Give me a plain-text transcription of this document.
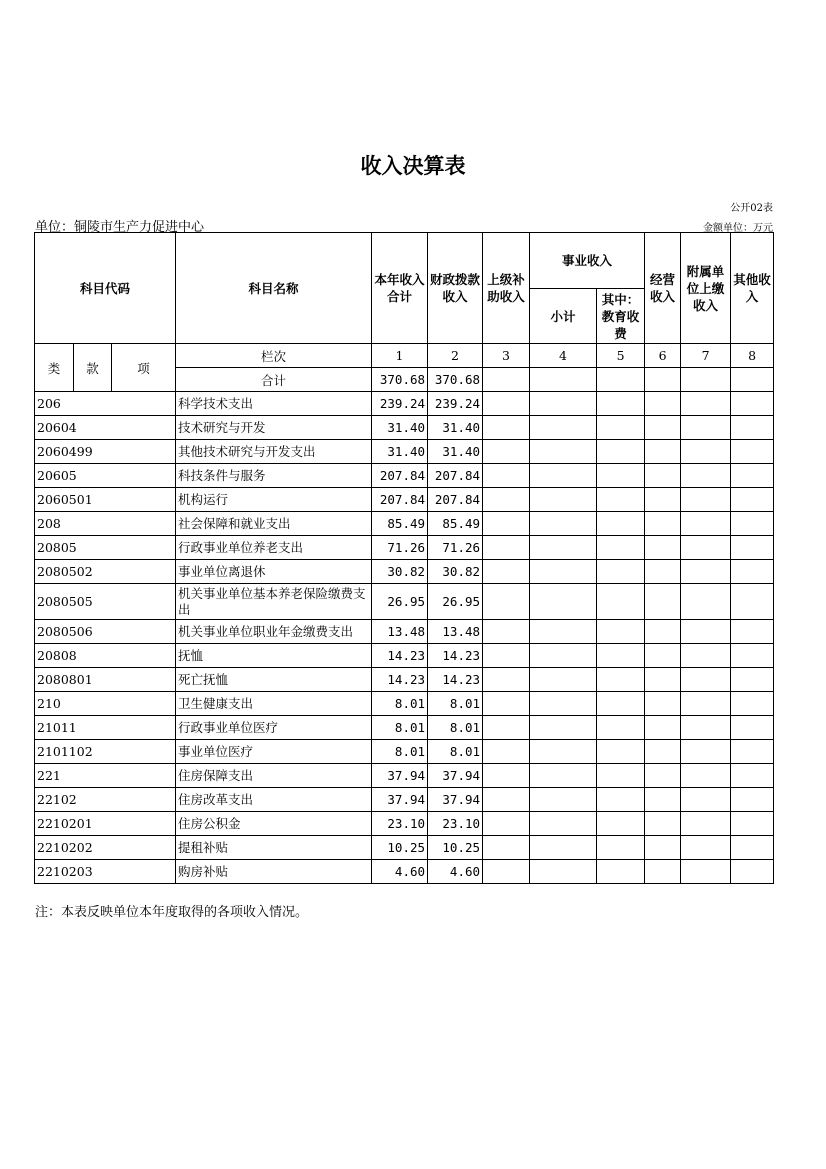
收入决算表
公开02表
单位：铜陵市生产力促进中心	金额单位：万元
科目代码			科目名称	本年收入合计	财政拨款收入	上级补助收入	事业收入		经营收入	附属单位上缴收入	其他收入
							小计	其中：教育收费			
类	款	项	栏次	1	2	3	4	5	6	7	8
			合计	370.68	370.68						
206			科学技术支出	239.24	239.24						
20604			技术研究与开发	31.40	31.40						
2060499			其他技术研究与开发支出	31.40	31.40						
20605			科技条件与服务	207.84	207.84						
2060501			机构运行	207.84	207.84						
208			社会保障和就业支出	85.49	85.49						
20805			行政事业单位养老支出	71.26	71.26						
2080502			事业单位离退休	30.82	30.82						
2080505			机关事业单位基本养老保险缴费支出	26.95	26.95						
2080506			机关事业单位职业年金缴费支出	13.48	13.48						
20808			抚恤	14.23	14.23						
2080801			死亡抚恤	14.23	14.23						
210			卫生健康支出	8.01	8.01						
21011			行政事业单位医疗	8.01	8.01						
2101102			事业单位医疗	8.01	8.01						
221			住房保障支出	37.94	37.94						
22102			住房改革支出	37.94	37.94						
2210201			住房公积金	23.10	23.10						
2210202			提租补贴	10.25	10.25						
2210203			购房补贴	4.60	4.60						
注：本表反映单位本年度取得的各项收入情况。
